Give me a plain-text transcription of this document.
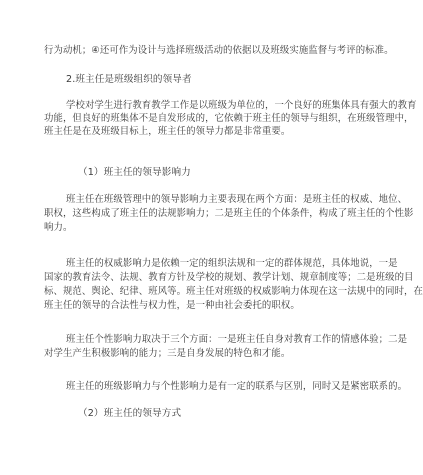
行为动机；④还可作为设计与选择班级活动的依据以及班级实施监督与考评的标准。
2.班主任是班级组织的领导者
学校对学生进行教育教学工作是以班级为单位的，一个良好的班集体具有强大的教育
功能，但良好的班集体不是自发形成的，它依赖于班主任的领导与组织，在班级管理中，
班主任是在及班级目标上，班主任的领导力都是非常重要。
（1）班主任的领导影响力
班主任在班级管理中的领导影响力主要表现在两个方面：是班主任的权威、地位、
职权，这些构成了班主任的法规影响力；二是班主任的个体条件，构成了班主任的个性影
响力。
班主任的权威影响力是依赖一定的组织法规和一定的群体规范，具体地说，一是
国家的教育法令、法规、教育方针及学校的规划、教学计划、规章制度等；二是班级的目
标、规范、舆论、纪律、班风等。班主任对班级的权威影响力体现在这一法规中的同时，在
班主任的领导的合法性与权力性，是一种由社会委托的职权。
班主任个性影响力取决于三个方面：一是班主任自身对教育工作的情感体验；二是
对学生产生积极影响的能力；三是自身发展的特色和才能。
班主任的班级影响力与个性影响力是有一定的联系与区别，同时又是紧密联系的。
（2）班主任的领导方式
